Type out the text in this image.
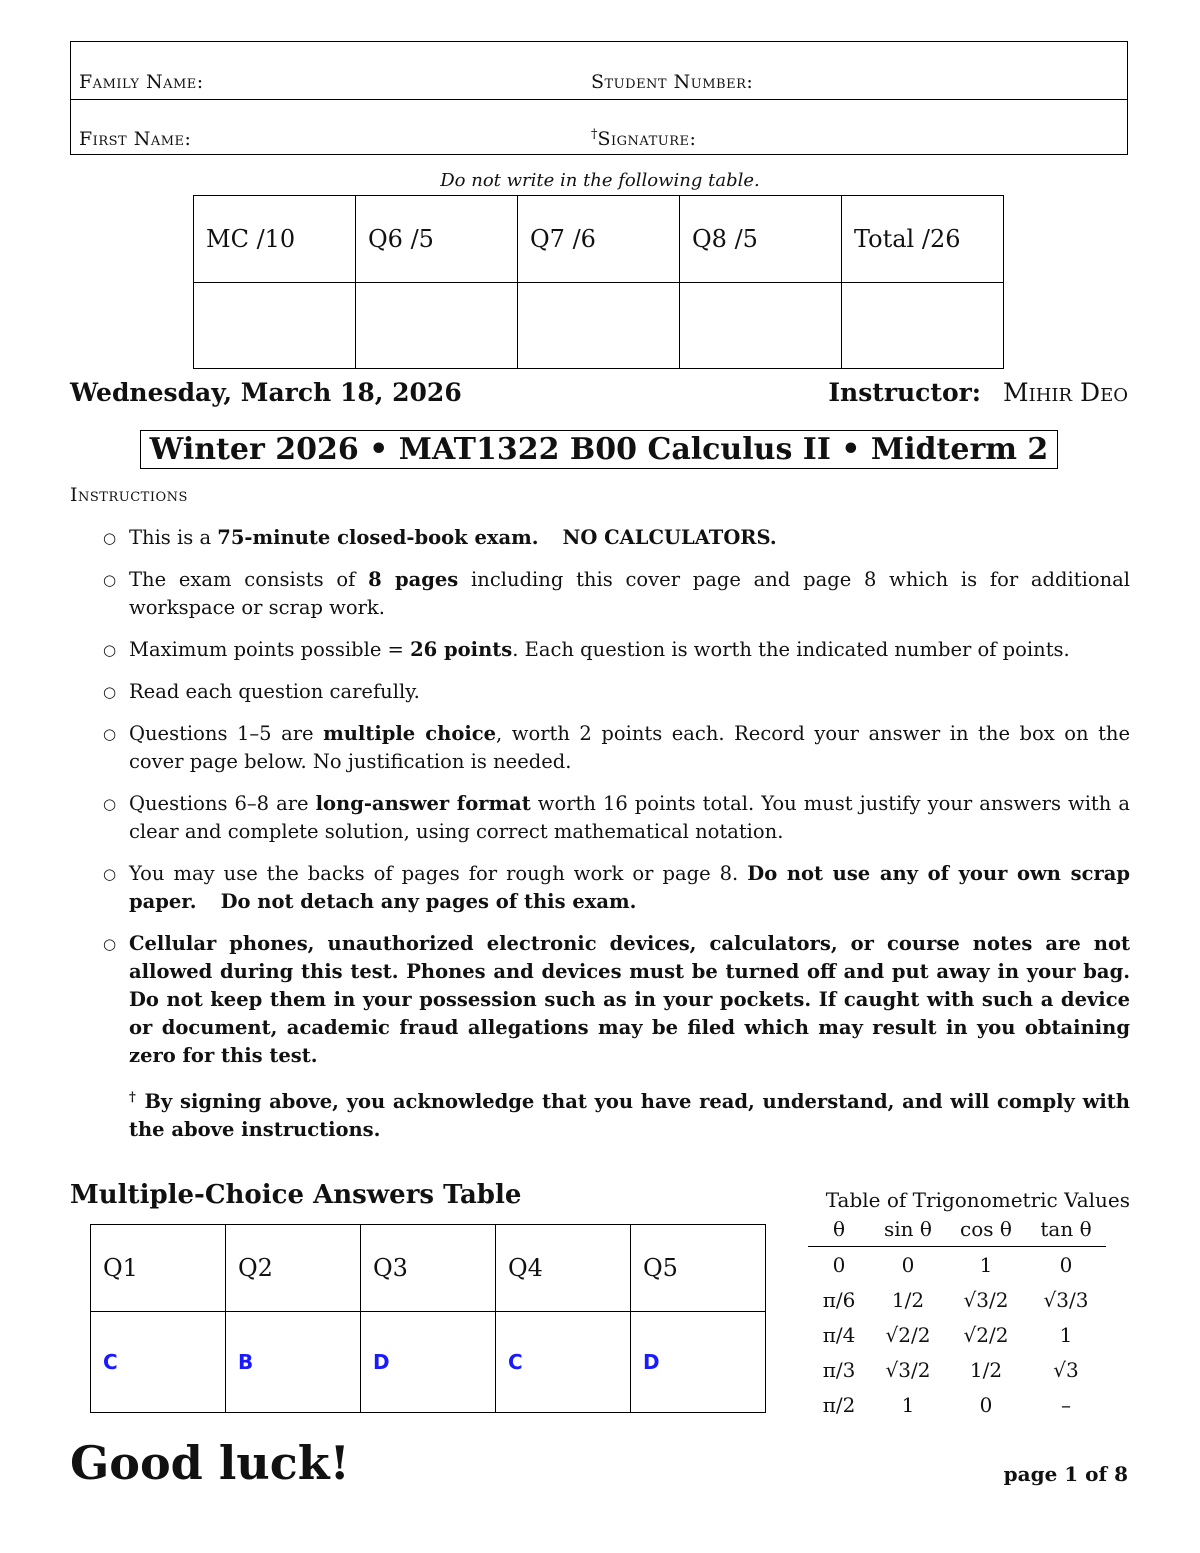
Family Name:	Student Number:
First Name:	†Signature:
Do not write in the following table.
MC /10	Q6 /5	Q7 /6	Q8 /5	Total /26

Wednesday, March 18, 2026	Instructor: Mihir Deo
Winter 2026 • MAT1322 B00 Calculus II • Midterm 2
Instructions
○ This is a 75-minute closed-book exam. NO CALCULATORS.
○ The exam consists of 8 pages including this cover page and page 8 which is for additional workspace or scrap work.
○ Maximum points possible = 26 points. Each question is worth the indicated number of points.
○ Read each question carefully.
○ Questions 1–5 are multiple choice, worth 2 points each. Record your answer in the box on the cover page below. No justification is needed.
○ Questions 6–8 are long-answer format worth 16 points total. You must justify your answers with a clear and complete solution, using correct mathematical notation.
○ You may use the backs of pages for rough work or page 8. Do not use any of your own scrap paper. Do not detach any pages of this exam.
○ Cellular phones, unauthorized electronic devices, calculators, or course notes are not allowed during this test. Phones and devices must be turned off and put away in your bag. Do not keep them in your possession such as in your pockets. If caught with such a device or document, academic fraud allegations may be filed which may result in you obtaining zero for this test.
† By signing above, you acknowledge that you have read, understand, and will comply with the above instructions.
Multiple-Choice Answers Table
Q1	Q2	Q3	Q4	Q5
C	B	D	C	D
Table of Trigonometric Values
θ	sin θ	cos θ	tan θ
0	0	1	0
π/6	1/2	√3/2	√3/3
π/4	√2/2	√2/2	1
π/3	√3/2	1/2	√3
π/2	1	0	–
Good luck!	page 1 of 8
